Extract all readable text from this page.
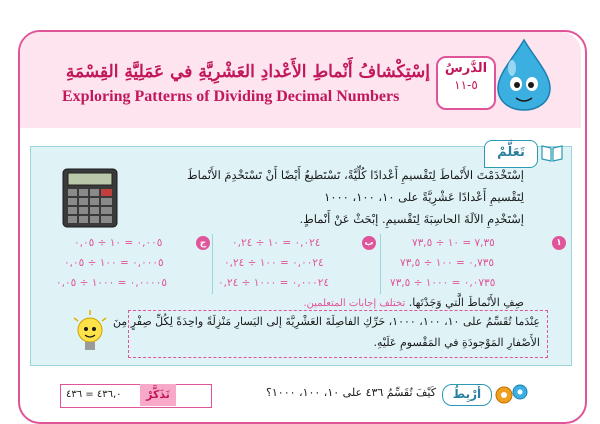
الدَّرسُ
٥-١١
إسْتِكْشافُ أَنْماطِ الأَعْدادِ العَشْرِيَّةِ في عَمَلِيَّةِ القِسْمَةِ
Exploring Patterns of Dividing Decimal Numbers
تَعَلَّمْ
إسْتَخْدَمْتَ الأَنْماطَ لِتَقْسيمِ أَعْدادًا كُلِّيَّةً، تَسْتَطيعُ أَيْضًا أَنْ تَسْتَخْدِمَ الأَنْماطَ
لِتَقْسيمِ أَعْدادًا عَشْرِيَّةً على ١٠، ١٠٠، ١٠٠٠
إسْتَخْدِمِ الآلَةَ الحاسِبَةَ لِتَقْسيمِ. إبْحَثْ عَنْ أَنْماطٍ.
١
٧,٣٥ = ١٠ ÷ ٧٣,٥
٠,٧٣٥ = ١٠٠ ÷ ٧٣,٥
٠,٠٧٣٥ = ١٠٠٠ ÷ ٧٣,٥
ب
٠,٠٢٤ = ١٠ ÷ ٠,٢٤
٠,٠٠٢٤ = ١٠٠ ÷ ٠,٢٤
٠,٠٠٠٢٤ = ١٠٠٠ ÷ ٠,٢٤
ج
٠,٠٠٥ = ١٠ ÷ ٠,٠٥
٠,٠٠٠٥ = ١٠٠ ÷ ٠,٠٥
٠,٠٠٠٠٥ = ١٠٠٠ ÷ ٠,٠٥
صِفِ الأَنْماطَ الَّتي وَجَدْتَها. تختلف إجابات المتعلمين.
عِنْدَما تُقَسِّمُ على ١٠، ١٠٠، ١٠٠٠، حَرِّكِ الفاصِلَةَ العَشْرِيَّةَ إلى اليَسارِ مَنْزِلَةً واحِدَةً لِكُلِّ صِفْرٍ مِنَ
الأَصْفارِ المَوْجودَةِ في المَقْسومِ عَلَيْهِ.
أَرْبِطُ
كَيْفَ تُقَسِّمُ ٤٣٦ على ١٠، ١٠٠، ١٠٠٠؟
تَذَكَّرْ
٤٣٦,٠ = ٤٣٦
